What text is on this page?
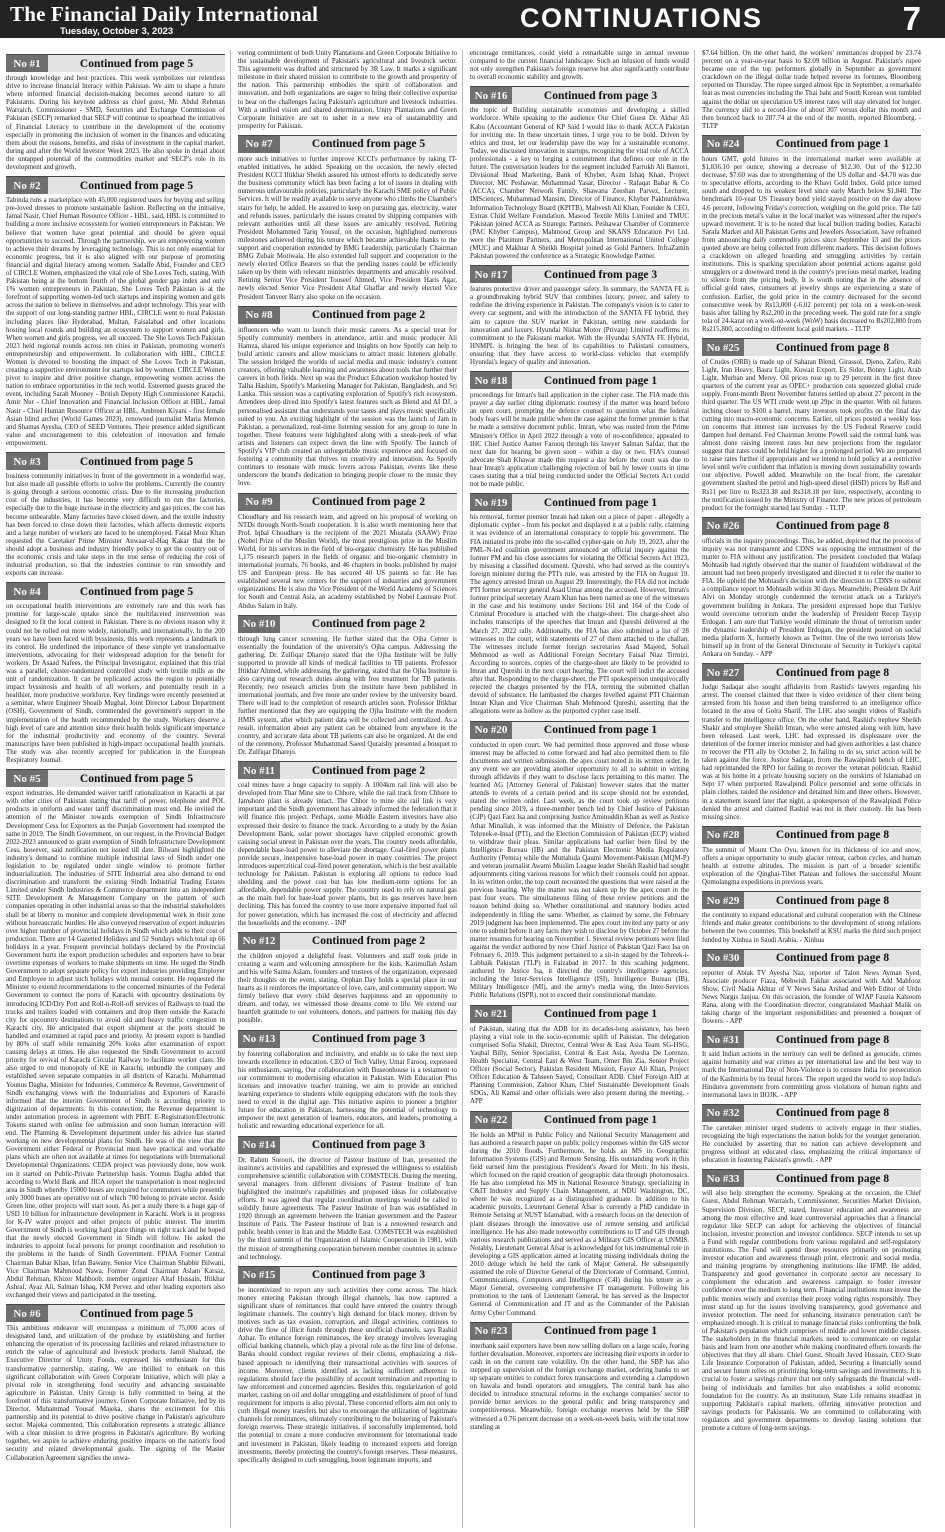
The Financial Daily International
Tuesday, October 3, 2023	CONTINUATIONS	7
No #1	Continued from page 5

through knowledge and best practices. This week symbolizes our relentless drive to increase financial literacy within Pakistan. We aim to shape a future where informed financial decision-making becomes second nature to all Pakistanis. During his keynote address as chief guest, Mr. Abdul Rehman Warraich, Commissioner - SMD, Securities and Exchange Commission of Pakistan (SECP) remarked that SECP will continue to spearhead the initiatives of Financial Literacy to contribute in the development of the economy especially in promoting the inclusion of women in the finances and educating them about the reasons, benefits, and risks of investment in the capital market, during and after the World Investor Week 2023. He also spoke in detail about the untapped potential of the commodities market and SECP's role in its development and growth.

No #2	Continued from page 5

Tabinda runs a marketplace with 45,000 registered users for buying and selling pre-loved dresses to promote sustainable fashion. Reflecting on the initiative, Jamal Nasir, Chief Human Resource Officer - HBL, said, HBL is committed to building a more inclusive ecosystem for women entrepreneurs in Pakistan. We believe that women have great potential and should be given equal opportunities to succeed. Through the partnership, we are empowering women to achieve their dreams by leveraging technology. This is not only essential for economic progress, but it is also aligned with our purpose of promoting financial and digital literacy among women. Sadaffe Abid, Founder and CEO of CIRCLE Women, emphasized the vital role of She Loves Tech, stating, With Pakistan being at the bottom fourth of the global gender gap index and only 1% women entrepreneurs in Pakistan, She Loves Tech Pakistan is at the forefront of supporting women-led tech startups and inspiring women and girls across the nation to believe in themselves and adopt technology. This year with the support of our long-standing partner HBL, CIRCLE went to rural Pakistan including places like Hyderabad, Multan, Faisalabad and other locations hosting local rounds and building an ecosystem to support women and girls. When women and girls progress, we all succeed. The She Loves Tech Pakistan 2023 held regional rounds across ten cities in Pakistan, promoting women's entrepreneurship and empowerment. In collaboration with HBL, CIRCLE Women is devoted to boosting the impact of She Loves Tech in Pakistan, creating a supportive environment for startups led by women. CIRCLE Women pivot to inspire and drive positive change, empowering women across the nation to embrace opportunities in the tech world. Esteemed guests graced the event, including Sarah Mooney - British Deputy High Commissioner Karachi, Amir Nur - Chief Innovation and Financial Inclusion Officer at HBL, Jamal Nasir - Chief Human Resource Officer at HBL, Ambreen Kiyani - first female Asian blind archer (World Games 2023), renowned journalist Maria Memon and Shamas Ayesha, CEO of SEED Ventures. Their presence added significant value and encouragement to this celebration of innovation and female empowerment.

No #3	Continued from page 5

business community initiatives in front of the government in a wonderful way, but also made all possible efforts to solve the problems. Currently the country is going through a serious economic crisis. Due to the increasing production cost of the industries, it has become very difficult to run the factories, especially due to the huge increase in the electricity and gas prices, the cost has become unbearable. Many factories have closed down, and the textile industry has been forced to close down their factories, which affects domestic exports and a large number of workers are faced to be unemployed. Faisal Moiz Khan requested the Caretaker Prime Minister Anwaar-ul-Haq Kakar that the he should adopt a business and industry friendly policy to get the country out of the economic crisis and take steps in the true sense of reducing the cost of industrial production, so that the industries continue to run smoothly and exports can increase.

No #4	Continued from page 5

on occupational health interventions are extremely rare and this work has promise for large-scale uptake since the multifaceted intervention was designed to fit the local context in Pakistan. There is no obvious reason why it could not be rolled out more widely, nationally, and internationally. In the 200 years we have been faced with byssinosis, this work represents a landmark in its control. He underlined the importance of these simple yet transformative interventions, advocating for their widespread adoption for the benefit for workers. Dr Asaad Nafees, the Principal Investigator, explained that this trial was a parallel, cluster-randomized controlled study with textile mills as the unit of randomization. It can be replicated across the region to potentially impact byssinosis and health of all workers, and potentially result in a healthier, more productive workforce. Key findings were recently presented at a seminar, where Engineer Shoaib Mughal, Joint Director Labour Department (OSH), Government of Sindh, commended the government's support in the implementation of the health recommended by the study. Workers deserve a high level of care and attention since their health holds significant importance for the industrial productivity and economy of the country. Several manuscripts have been published in high-impact occupational health journals. The study was also recently accepted for publication in the European Respiratory Journal.

No #5	Continued from page 5

export industries. He demanded waiver tariff rationalization in Karachi at par with other cities of Pakistan stating that tariff of power, telephone and POL products in uniform and water tariff discrimination must end. He invited the attention of the Minister towards exemption of Sindh Infrastructure Development Cess for Exporters as the Punjab Government had exempted the same in 2019. The Sindh Government, on our request, in the Provincial Budget 2022-2023 announced to grant exemption of Sindh Infrastructure Development Cess, however, said notification not issued till date. Bilwani highlighted the industry's demand to combine multiple industrial laws of Sindh under one legislation to be regulated under single window to promote further industrialization. The industries of SITE Industrial area also demand to end discrimination and transform the existing Sindh Industrial Trading Estates Limited under Sindh Industries & Commerce department into an independent SITE Development & Management Company on the pattern of such companies operating in other industrial areas so that the industrial stakeholders shall be at liberty to monitor and complete developmental work in their zone without bureaucratic hurdles. He also conveyed reservation of export industries over higher number of provincial holidays in Sindh which adds to their cost of production. There are 14 Gazetted Holidays and 52 Sundays which total up 66 holidays in a year. Frequent provincial holidays declared by the Provincial Government hurts the export production schedules and exporters have to bear overtime expenses of workers to make shipments on time. He urged the Sindh Government to adopt separate policy for export industries providing Employer and Employee to adjust such holidays with mutual consent. He requested the Minister to extend recommendations to the concerned ministries of the Federal Government to connect the ports of Karachi with upcountry destinations by introducing ICD/Dry Port and Roll-n-Roll-off services of Railways to load the trucks and trailers loaded with containers and drop them outside the Karachi city for upcountry destinations to avoid old and heavy traffic congestion in Karachi city. He anticipated that export shipment at the ports should be handled and examined at rapid pace and priority. At present export is handled by 80% of staff while remaining 20% looks after examination of export causing delays at times. He also requested the Sindh Government to accord priority for revival of Karachi Circular Railway to facilitate worker class. He also urged to end monopoly of KE in Karachi, unbundle the company and established seven separate companies in all districts of Karachi. Muhammad Younus Dagha, Minister for Industries, Commerce & Revenue, Government of Sindh exchanging views with the Industrialists and Exporters of Karachi informed that the interim Government of Sindh is according priority to digitization of departments. In this connection, the Revenue department is under automation process in agreement with PBIT. E-Registration/Electronic Tokens started with online fee submission and soon human interaction will end. The Planning & Development department under his advice has started working on new developmental plans for Sindh. He was of the view that the Government either Federal or Provincial must have practical and workable plans which are often not available at times for negotiations with International Developmental Organizations. CEDA project was previously done, now work on it started on Public-Private Partnership basis. Younus Dagha added that according to World Bank and JICA report the transportation is most neglected area in Sindh whereby 15000 buses are required for commuters while presently only 3000 buses are operative out of which 700 belong to private sector. Aside Green line, other projects will start soon. As per a study there is a huge gap of USD 10 billion for infrastructure development in Karachi. Work is in progress for K-IV water project and other projects of public interest. The interim Government of Sindh is working hard place things on right track and he hoped that the newly elected Government in Sindh will follow. He asked the industries to appoint focal persons for prompt coordination and resolution to the problems in the hands of Sindh Government. FPIAA Former Central Chairman Babar Khan, Irfan Bawany, Senior Vice Chairman Shabbir Bilwani, Vice Chairman Mahmood Nawa, Former Zonal Chairman Aslam Karsaz, Abdul Rehman, Khizer Mahboob, member organizer Altaf Hussain, Iftikhar Ashraf, Ayaz Ali, Salman Ishaq, KM Pervez and other leading exporters also exchanged their views and participated in the meeting.

No #6	Continued from page 5

This ambitious endeavor will encompass a minimum of 75,000 acres of designated land, and utilization of the produce by establishing and further enhancing the operation of its processing facilities and related infrastructure to enrich the value of agricultural and livestock products. Jamil Shahzad, the Executive Director of Unity Foods, expressed his enthusiasm for this transformative partnership, stating, We are thrilled to embark on this significant collaboration with Green Corporate Initiative, which will play a pivotal role in strengthening food security and advancing sustainable agriculture in Pakistan. Unity Group is fully committed to being at the forefront of this transformative journey. Green Corporate Initiative, led by its Director, Muhammad Yousaf Majeka, shares the excitement for this partnership and its potential to drive positive change in Pakistan's agriculture sector. Majeka commented, This collaboration represents a strategic alliance with a clear mission to drive progress in Pakistan's agriculture. By working together, we aspire to achieve enduring positive impacts on the nation's food security and related developmental goals. The signing of the Master Collaboration Agreement signifies the unwa-

vering commitment of both Unity Plantations and Green Corporate Initiative to the sustainable development of Pakistan's agricultural and livestock sector. This agreement was drafted and structured by 3R Law. It marks a significant milestone in their shared mission to contribute to the growth and prosperity of the nation. This partnership embodies the spirit of collaboration and innovation, and both organizations are eager to bring their collective expertise to bear on the challenges facing Pakistan's agriculture and livestock industries. With a unified vision and shared determination, Unity Plantations and Green Corporate Initiative are set to usher in a new era of sustainability and prosperity for Pakistan.

No #7	Continued from page 5

more such initiatives to further improve KCCI's performance by taking IT-enabled initiatives, he added. Speaking on the occasion, the newly elected President KCCI Iftikhar Sheikh assured his utmost efforts to dedicatedly serve the business community which has been facing a lot of issues in dealing with numerous unfavourable policies, particularly the Karachi SME policy of Public Services. It will be readily available to serve anyone who climbs the Chamber's stairs for help, he added. He assured to keep on pursuing gas, electricity, water and refunds issues, particularly the issues created by shipping companies with relevant authorities until all these issues are amicably resolved. Retiring President Mohammed Tariq Yousuf, on the occasion, highlighted numerous milestones achieved during his tenure which became achievable thanks to the support and cooperation extended by BMG Leadership, particularly Chairman BMG Zubair Motiwala. He also extended full support and cooperation to the newly elected Office Bearers so that the pending issues could be efficiently taken up by them with relevant ministries departments and amicably resolved. Retiring Senior Vice President Touseef Ahmed, Vice President Haris Agar, newly elected Senior Vice President Altaf Ghaffar and newly elected Vice President Tanveer Barry also spoke on the occasion.

No #8	Continued from page 2

influencers who want to launch their music careers. As a special treat for Spotify community members in attendance, artist and music producer Ali Hamza, shared his unique experience and insights on how Spotify can help to build artistic careers and allow musicians to attract music listeners globally. The session bridged the worlds of social media and music industry's content creators, offering valuable learning and awareness about tools that further their careers in both fields. Next up was the Product Education workshop hosted by Talha Hashim, Spotify's Marketing Manager for Pakistan, Bangladesh, and Sri Lanka. This session was a captivating exploration of Spotify's rich ecosystem. Attendees deep dived into Spotify's latest features such as Blend and AI DJ, a personalised assistant that understands your tastes and plays music specifically suited to you. An exciting highlight of the session was the launch of Jam in Pakistan, a personalized, real-time listening session for any group to tune in together. These features were highlighted along with a sneak-peek of what artists and listeners can expect down the line with Spotify. The launch of Spotify's VIP club created an unforgettable music experience and focused on fostering a community that thrives on creativity and innovation. As Spotify continues to resonate with music lovers across Pakistan, events like these underscore the brand's dedication to bringing people closer to the music they love.

No #9	Continued from page 2

Choudhary and his research team, and agreed on his proposal of working on NTDs through North-South cooperation. It is also worth mentioning here that Prof. Iqbal Choudhary is the recipient of the 2021 Mustafa (SAAW) Prize (Nobel Prize of the Muslim World), the most prestigious prize in the Muslim World, for his services in the field of bio-organic chemistry. He has published 1,175 research papers in the fields of organic and bio-organic chemistry in international journals, 76 books, and 46 chapters in books published by major US and European press. He has secured 40 US patents so far. He has established several new centers for the support of industries and government organizations. He is also the Vice President of the World Academy of Sciences for South and Central Asia, an academy established by Nobel Laureate Prof. Abdus Salam in Italy.

No #10	Continued from page 2

through lung cancer screening. He further stated that the Ojha Center is essentially the foundation of the university's Ojha campus. Addressing the gathering, Dr. Zulfiqar Dharejo stated that the Ojha Institute will be fully supported to provide all kinds of medical facilities to TB patients. Professor Iftikhar Ahmed, while addressing the gathering, stated that the Ojha Institute is also carrying out research duties along with free treatment for TB patients. Recently, two research articles from the institute have been published in international journals, and five more are under review by the university board. There will lead to the completion of research articles soon. Professor Iftikhar further mentioned that they are equipping the Ojha Institute with the modern HMIS system, after which patient data will be collected and centralized. As a result, information about any patient can be obtained from anywhere in the country, and accurate data about TB patients can also be organized. At the end of the ceremony, Professor Muhammad Saeed Quraishy presented a bouquet to Dr. Zulfiqar Dharejo.

No #11	Continued from page 2

coal mines have a huge capacity to supply. A 1004km rail link will also be developed from Thar Mine site to Chhore, while the rail track from Chhore to Jamshoro plant is already intact. The Chhor to mine site rail link is very important and the Sindh government has already informed the federation that it will finance this project. Perhaps, some Middle Eastern investors have also expressed their desire to finance the track. According to a study by the Asian Development Bank, solar power shortages have crippled economic growth causing social unrest in Pakistan over the years. The country needs affordable, dependable base-load power to alleviate the shortage. Coal-fired power plants provide secure, inexpensive base-load power in many countries. The project introduces supercritical coal-fired power generation, which is the best available technology for Pakistan. Pakistan is exploring all options to reduce load shedding and the power cost but has low medium-term options for an affordable, dependable power supply. The country used to rely on natural gas as the main fuel for base-load power plants, but its gas reserves have been declining. This has forced the country to use more expensive imported fuel oil for power generation, which has increased the cost of electricity and affected the households and the economy. - INP

No #12	Continued from page 2

the children enjoyed a delightful feast. Volunteers and staff took pride in creating a warm and welcoming atmosphere for the kids. Karimullah Aslam and his wife Saima Aslam, founders and trustees of the organization, expressed their thoughts on the event, stating, Orphan Day holds a special place in our hearts as it reinforces the importance of love, care, and community support. We firmly believe that every child deserves happiness and an opportunity to dream, and today, we witnessed those dreams come to life. We extend our heartfelt gratitude to our volunteers, donors, and partners for making this day possible.

No #13	Continued from page 3

by fostering collaboration and inclusivity, and enable us to take the next step towards excellence in education. CEO of Tech Valley, Umar Farooq, expressed his enthusiasm, saying, Our collaboration with Buseonhouse is a testament to our commitment to modernising education in Pakistan. With Education Plus licenses and innovative teacher training, we aim to provide an enriched learning experience to students while equipping educators with the tools they need to excel in the digital age. This initiative aspires to pioneer a brighter future for education in Pakistan, harnessing the potential of technology to empower the next generation of learners, educators, and leaders, promoting a holistic and rewarding educational experience for all.

No #14	Continued from page 3

Dr. Rahim Soroori, the director of Pasteur Institute of Iran, presented the institute's activities and capabilities and expressed the willingness to establish comprehensive scientific collaboration with COMSTECH. During the meeting, several managers from different divisions of Pasteur Institute of Iran highlighted the institute's capabilities and proposed ideas for collaborative efforts. It was agreed that regular coordination meetings would be called to solidify future agreements. The Pasteur Institute of Iran was established in 1920 through an agreement between the Iranian government and the Pasteur Institute of Paris. The Pasteur Institute of Iran is a renowned research and public health center in Iran and the Middle East. COMSTECH was established by the third summit of the Organization of Islamic Cooperation in 1981, with the mission of strengthening cooperation between member countries in science and technology.

No #15	Continued from page 3

be incentivized to report any such activities they come across. The black money entering Pakistan through illegal channels, has now captured a significant share of remittances that could have entered the country through legitimate channels. The country's high demand for black money, driven by motives such as tax evasion, corruption, and illegal activities, continues to drive the flow of illicit funds through these unofficial channels, says Rashid Azhar. To enhance foreign remittances, the key strategy involves leveraging official banking channels, which play a pivotal role as the first line of defense. Banks should conduct regular reviews of their clients, emphasizing a risk-based approach to identifying their transactional activities with sources of income. Moreover, clients identified as lacking sufficient adherence to regulations should face the possibility of account termination and reporting to law enforcement and concerned agencies. Besides this, regularization of gold market, cashing on oil and dollar smuggling and establishment of proof of fund requirement for imports is also pivotal. These concerted efforts aim not only to curb illegal money transfers but also to encourage the utilization of legitimate channels for remittances, ultimately contributing to the bolstering of Pakistan's foreign reserves. These strategic initiatives, if successfully implemented, hold the potential to create a more conducive environment for international trade and investment in Pakistan, likely leading to increased exports and foreign investments, thereby protecting the country's foreign reserves. These measures, specifically designed to curb smuggling, boost legitimate imports, and

encourage remittances, could yield a remarkable surge in annual revenue compared to the current financial landscape. Such an infusion of funds would not only strengthen Pakistan's foreign reserve but also significantly contribute to overall economic stability and growth.

No #16	Continued from page 3

the topic of Building sustainable economies and developing a skilled workforce. While speaking to the audience Our Chief Guest Dr. Akbar Ali Kabu (Accountant General of KP Said I would like to thank ACCA Pakistan for inviting me. In these uncertain times, I urge you to be bold. Driven by ethics and trust, let our leadership pave the way for a sustainable economy. Today, we discussed innovation in startups, recognizing the vital role of ACCA professionals - a key to forging a commitment that defines our role in the future. The conversation leaders for the segment included Farrukh Ali Bamori, Divisional Head Marketing, Bank of Khyber, Asim Ishaq Khan, Project Director, MC Peshawar, Muhammad Yasar, Director - Rafaqat Babar & Co (ACCA), Chamber Network Family, Shawana Zeeshan Parvez, Lecturer, IMSciences, Muhammad Mansim, Director of Finance, Khyber Pakhtunkhwa Information Technology Board (KPITB), Mahvesh Ali Khan, Founder & CEO, Extras Child Welfare Foundation. Masood Textile Mills Limited and TMUC Pakistan joined ACCA as Strategic Partners. Peshawar Chamber of Commerce (PAC Khyber Campus), Mahmood Group and SKANS Education Pvt Ltd. were the Platinum Partners, and Metropolitan International United College (MUC) and Makhtar A Sheikh Hospital joined as Gold Partners. InfraZamin Pakistan powered the conference as a Strategic Knowledge Partner.

No #17	Continued from page 3

features protective driver and passenger safety. In summary, the SANTA FE is a groundbreaking hybrid SUV that combines luxury, power, and safety to redefine the driving experience in Pakistan. The company's vision is to cater to every car segment, and with the introduction of the SANTA FE hybrid, they aim to capture the SUV market in Pakistan, setting new standards for innovation and luxury. Hyundai Nishat Motor (Private) Limited reaffirms its commitment to the Pakistani market. With the Hyundai SANTA FE Hybrid, HNMPL is bringing the best of its capabilities to Pakistani consumers, ensuring that they have access to world-class vehicles that exemplify Hyundai's legacy of quality and innovation.

No #18	Continued from page 1

proceedings for Imran's bail application in the cipher case. The FIA made this prayer a day earlier citing diplomatic courtesy if the matter was heard before an open court, prompting the defence counsel to question what the federal body fears will be made public when the case against the former premier is that he made a sensitive document public. Imran, who was ousted from the Prime Minister's Office in April 2022 through a vote of no-confidence, appealed to IHC Chief Justice Aamer Farooq through his lawyer Salman Safdar, that the next date for hearing be given soon - within a day or two. FIA's counsel advocate Shah Khawar made this request a day before the court was due to hear Imran's application challenging rejection of bail by lower courts in time cases stating that a trial being conducted under the Official Secrets Act could not be made public.

No #19	Continued from page 1

his removal, former premier Imran had taken out a piece of paper - allegedly a diplomatic cypher - from his pocket and displayed it at a public rally, claiming it was evidence of an international conspiracy to topple his government. The FIA initiated its probe into the so-called cypher-gate on July 19, 2023, after the PML-N-led coalition government announced an official inquiry against the former PM and his close associates for violating the Official Secrets Act 1923, by misusing a classified document. Qureshi, who had served as the country's foreign minister during the PTI's rule, was arrested by the FIA on August 19. The agency arrested Imran on August 29. Interestingly, the FIA did not include PTI former secretary general Asad Umar among the accused. However, Imran's former principal secretary Azam Khan has been named as one of the witnesses in the case and his testimony under Sections 161 and 164 of the Code of Criminal Procedure is attached with the charge-sheet. The charge-sheet also includes transcripts of the speeches that Imran and Qureshi delivered at the March 27, 2022 rally. Additionally, the FIA has also submitted a list of 28 witnesses to the court, with statements of 27 of them attached to the challan. The witnesses include former foreign secretaries Asad Majeed, Sohail Mehmood as well as Additional Foreign Secretary Faisal Niaz Tirmizi. According to sources, copies of the charge-sheet are likely to be provided to Imran and Qureshi in the next court hearing. The court will indict the accused after that. Responding to the charge-sheet, the PTI spokesperson unequivocally rejected the charges presented by the FIA, terming the submitted challan devoid of substance. He lambasted the charges levelled against PTI Chairman Imran Khan and Vice Chairman Shah Mehmood Qureshi, asserting that the allegations were as hollow as the purported cypher case itself.

No #20	Continued from page 1

conducted in open court. We had permitted those approved and those whose interest may be affected to come forward and had also permitted them to file documents and written submission, the apex court noted in its written order. In any event we are providing another opportunity to all to submit in writing through affidavits if they want to disclose facts pertaining to this matter. The learned AG [Attorney General of Pakistan] however states that the matter attends to events of a certain period and its scope should not be extended, stated the written order. Last week, as the court took up review petitions pending since 2019, a three-member bench led by Chief Justice of Pakistan (CJP) Qazi Faez Isa and comprising Justice Aminuddin Khan as well as Justice Athar Minallah, it was informed that the Ministry of Defence, the Pakistan Tehreek-e-Insaf (PTI), and the Election Commission of Pakistan (ECP) wished to withdraw their pleas. Similar applications had earlier been filed by the Intelligence Bureau (IB) and the Pakistan Electronic Media Regulatory Authority (Pemra) while the Muttahida Qaumi Movement-Pakistan (MQM-P) and veteran journalist Awami Muslim League leader Sheikh Rashid had sought adjournments citing various reasons for which their counsels could not appear. In its written order, the top court recounted the questions that were raised at the previous hearing. Why the matter was not taken up by the apex court in the past four years. The simultaneous filing of these review petitions and the reason behind doing so. Whether constitutional and statutory bodies acted independently in filing the same. Whether, as claimed by some, the February 2019 judgment has been implemented. The apex court invited any party or any one to submit before it any facts they wish to disclose by October 27 before the matter resumes for hearing on November 1. Several review petitions were filed against the verdict authored by now Chief Justice of Pakistan Qazi Faez Isa on February 6, 2019. This judgment pertained to a sit-in staged by the Tehreek-i-Labbaik Pakistan (TLP) in Faizabad in 2017. In this scathing judgment, authored by Justice Isa, it directed the country's intelligence agencies, including the Inter-Services Intelligence (ISI), Intelligence Bureau (IB), Military Intelligence (MI), and the army's media wing, the Inter-Services Public Relations (ISPR), not to exceed their constitutional mandate.

No #21	Continued from page 1

of Pakistan, stating that the ADB for its decades-long assistance, has been playing a vital role in the socio-economic uplift of Pakistan. The delegation comprised Sofia Shakil, Director, Central West & East Asia Team SG-HSG, Yaqbal Billy, Senior Specialist, Central & East Asia, Ayesha De Lorenzo, Health Specialist, Central East & West Team, Omer Bin Zia, Senior Project Officer (Social Sector), Pakistan Resident Mission, Fayez Ali Khan, Project Officer Education & Tahseen Sayed, Consultant ADB. Chief Foreign AID at Planning Commission, Zahoor Khan, Chief Sustainable Development Goals SDGs, Ali Kamal and other officials were also present during the meeting. - APP

No #22	Continued from page 1

He holds an MPhil in Public Policy and National Security Management and has authored a research paper on public policy responses within the GIS sector during the 2010 floods. Furthermore, he holds an MS in Geographic Information Systems (GIS) and Remote Sensing. His outstanding work in this field earned him the prestigious President's Award for Merit. In his thesis, which focused on the rapid creation of geographic data through photomosaics. He has also completed his MS in National Resource Strategy, specializing in C&IT Industry and Supply Chain Management, at NDU Washington, DC, where he was recognized as a distinguished graduate. In addition to his academic pursuits, Lieutenant General Afsar is currently a PhD candidate in Remote Sensing at NUST Islamabad, with a research focus on the detection of plant diseases through the innovative use of remote sensing and artificial intelligence. He has also made noteworthy contributions to IT and GIS through various research publications and served as a Military GIS Officer at UNMIS. Notably, Lieutenant General Afsar is acknowledged for his instrumental role in developing a GIS application aimed at locating missing individuals during the 2010 deluge which he held the rank of Major General. He subsequently assumed the role of Director General of the Directorate of Command, Control, Communications, Computers and Intelligence (C4I) during his tenure as a Major General, overseeing comprehensive IT management. Following his promotion to the rank of Lieutenant General, he has served as the Inspector General of Communication and IT and as the Commander of the Pakistan Army Cyber Command.

No #23	Continued from page 1

interbank said exporters have been now selling dollars on a large scale, fearing further devaluation. Moreover, exporters are increasing their exports in order to cash in on the current rate volatility. On the other hand, the SBP has also stepped up supervision of the foreign exchange market, ordering banks to set up separate entities to conduct forex transactions and extending a clampdown on hawala and hundi operators and smugglers. The central bank has also decided to introduce structural reforms in the exchange companies' sector to provide better services to the general public and bring transparency and competitiveness. Meanwhile, foreign exchange reserves held by the SBP witnessed a 0.76 percent decrease on a week-on-week basis, with the total now standing at

$7.64 billion. On the other hand, the workers' remittances dropped by 23.74 percent on a year-on-year basis to $2.09 billion in August. Pakistan's rupee became one of the top performers globally in September as government crackdown on the illegal dollar trade helped reverse its fortunes, Bloomberg reported on Thursday. The rupee surged almost 6pc in September, a remarkable feat as most currencies including the Thai baht and South Korean won tumbled against the dollar on speculation US interest rates will stay elevated for longer. The currency slid to a record-low of about 307 versus dollar this month and then bounced back to 287.74 at the end of the month, reported Bloomberg. - TLTP

No #24	Continued from page 1

hours GMT, gold futures in the international market were available at $1,836.10 per ounce, showing a decrease of $12.30. Out of the $12.30 decrease, $7.60 was due to strengthening of the US dollar and -$4.70 was due to speculative efforts, according to the Khavi Gold Index. Gold price turned south and dropped to its weakest level since early March below $1,840. The benchmark 10-year US Treasury bond yield stayed positive on the day above 4.6 percent, following Friday's correction, weighing on the gold price. The fall in the precious metal's value in the local market was witnessed after the rupee's upward movement. It is to be noted that local bullion trading bodies, Karachi Sarafa Market and All Pakistan Gems and Jewelers Association, have refrained from announcing daily commodity prices since September 13 and the prices quoted above are being collected from different markets. This decision follows a crackdown on alleged hoarding and smuggling activities by certain institutions. This is sparking speculation about potential actions against gold smugglers or a downward trend in the country's precious metal market, leading to silence from the pricing body. It is worth noting that in the absence of official gold rates, consumers at jewelry shops are experiencing a state of confusion. Earlier, the gold price in the country decreased for the second consecutive week by Rs13,000 (-6.02 percent) per tola on a week-on-week basis after falling by Rs2,200 in the preceding week. The gold rate for a single tola of 24-karat on a week-on-week (WoW) basis decreased to Rs202,800 from Rs215,800, according to different local gold markets. - TLTP

No #25	Continued from page 8

of Crudes (ORB) is made up of Saharan Blend, Girassol, Djeno, Zafiro, Rabi Light, Iran Heavy, Basra Light, Kuwait Export, Es Sider, Bonny Light, Arab Light, Murban and Merey. Oil prices rose up to 29 percent in the first three quarters of the current year as OPEC+ production cuts squeezed global crude supply. Front-month Brent November futures settled up about 27 percent in the third quarter. The US WTI crude went up 29pc in the quarter. With oil futures inching closer to $100 a barrel, many investors took profits on the final day cutting into macro-economic concerns. Earlier, oil prices posted a weekly loss on concerns that interest rate increases by the US Federal Reserve could dampen fuel demand. Fed Chairman Jerome Powell said the central bank was almost done raising interest rates but new projections from the regulator suggest that rates could be held higher for a prolonged period. We are prepared to raise rates further if appropriate and we intend to hold policy at a restrictive level until we're confident that inflation is moving down sustainability towards our objective, Powell added. Meanwhile on the local front, the caretaker government slashed the petrol and high-speed diesel (HSD) prices by Rs8 and Rs11 per litre to Rs323.38 and Rs318.18 per litre, respectively, according to the notification issued by the Ministry of Finance. The new prices of petroleum product for the fortnight started last Sunday. - TLTP

No #26	Continued from page 8

officials in the inquiry proceedings. This, he added, depicted that the process of inquiry was not transparent and CDNS was opposing the entrustment of the matter to FIA without any justification. The president concluded that Wafaqi Mohtasib had rightly observed that the matter of fraudulent withdrawal of the amount had not been properly investigated and directed it to refer the matter to FIA. He upheld the Mohtasib's decision with the direction to CDNS to submit a compliance report to Mohtasib within 30 days. Meanwhile, President Dr Arif Alvi on Monday strongly condemned the terrorist attack on a Turkiye's government building in Ankara. The president expressed hope that Turkiye would overcome terrorism under the leadership of President Recep Tayyip Erdogan. I am sure that Turkiye would eliminate the threat of terrorism under the dynamic leadership of President Erdogan, the president posted on social media platform X, formerly known as Twitter. One of the two terrorists blew himself up in front of the General Directorate of Security in Turkiye's capital Ankara on Sunday. - APP

No #27	Continued from page 8

Judge Sadaqat also sought affidavits from Rashid's lawyers regarding his arrest. The counsel claimed that there is video evidence of their client being arrested from his house and then being transferred to an intelligence office located in the area of Golra Sharif. The LHC also sought videos of Rashid's transfer to the intelligence office. On the other hand, Rashid's nephew Sheikh Shakir and employee Sheikh Imran, who were arrested along with him, have been released. Last week, LHC had expressed its displeasure over the detention of the former interior minister and had given authorities a last chance to recover the PTI ally by October 2. In failing to do so, strict action will be taken against the force. Justice Sadaqat, from the Rawalpindi bench of LHC, had reprimanded the RPO for failing to recover the veteran politician. Rashid was at his home in a private housing society on the outskirts of Islamabad on Sept 17 when purported Rawalpindi Police personnel and some officials in plain clothes, raided the residence and detained him and three others. However, in a statement issued later that night, a spokesperson of the Rawalpindi Police denied the arrest and claimed Rashid was not in their custody. He has been missing since.

No #28	Continued from page 8

The summit of Mount Cho Oyu, known for its thickness of ice and snow, offers a unique opportunity to study glacier retreat, carbon cycles, and human health at extreme altitudes. The mission is part of a broader scientific exploration of the Qinghai-Tibet Plateau and follows the successful Mount Qomolangma expeditions in previous years.

No #29	Continued from page 8

the continuity to expand educational and cultural cooperation with the Chinese friends and make greater contributions to the development of strong relations between the two countries. This bookshelf at KSU marks the third such project funded by Xinhua in Saudi Arabia. - Xinhua

No #30	Continued from page 8

reporter of Abtak TV Ayesha Naz, reporter of Talon News Ayman Syed, Associate producer Fiaza, Mehwish Fakhar associated with Add Mahfooz Show, Civil Nadia Akhtar of V News Sana Arshad and Web Editor of Urdu News Nargis Janjua. On this occasion, the founder of WJAP Fauzia Kalsoom Rana, along with the Coordination director, congratulated Mashaal Malik on taking charge of the important responsibilities and presented a bouquet of flowers. - APP

No #31	Continued from page 8

It said Indian actions in the territory can well be defined as genocide, crimes against humanity and war crimes as per international law and the best way to mark the International Day of Non-Violence is to censure India for persecution of the Kashmiris by its brutal forces. The report urged the world to stop India's Hindutva government from committing gross violations of human rights and international laws in IIOJK. - APP

No #32	Continued from page 8

The caretaker minister urged students to actively engage in their studies, recognizing the high expectations the nation holds for the younger generation. He concluded by asserting that no nation can achieve development and progress without an educated class, emphasizing the critical importance of education in fostering Pakistan's growth. - APP

No #33	Continued from page 8

will also help strengthen the economy. Speaking at the occasion, the Chief Guest, Abdul Rehman Warraich, Commissioner, Securities Market Division, Supervision Division, SECP, stated, Investor education and awareness are among the most effective and least controversial approaches that a financial regulator like SECP can adopt for achieving the objectives of financial inclusion, investor protection and investor confidence. SECP intends to set up a Fund with regular contributions from various regulated and self-regulatory institutions. The Fund will spend these resources primarily on promoting investor education and awareness through print, electronic and social media, and training programs by strengthening institutions like IFMP. He added, Transparency and good governance in corporate sector are necessary to complement the education and awareness campaign to foster investor confidence over the medium to long term. Financial institutions must invest the public monies wisely and exercise their proxy voting rights responsibly. They must stand up for the issues involving transparency, good governance and investor protection. The need for enhancing insurance penetration can't be emphasized enough. It is critical to manage financial risks confronting the bulk of Pakistan's population which comprises of middle and lower middle classes. The stakeholders in the financial markets need to communicate on regular basis and learn from one another while making coordinated efforts towards the objectives that they all share. Chief Guest, Shoaib Javed Hussain, CEO State Life Insurance Corporation of Pakistan, added, Securing a financially sound and secure future relies on prioritizing long-term savings and investments. It is crucial to foster a savings culture that not only safeguards the financial well-being of individuals and families but also establishes a solid economic foundation for the country. As an institution, State Life remains steadfast in supporting Pakistan's capital markets, offering innovative protection and savings products for Pakistanis. We are committed to collaborating with regulators and government departments to develop lasting solutions that promote a culture of long-term savings.
